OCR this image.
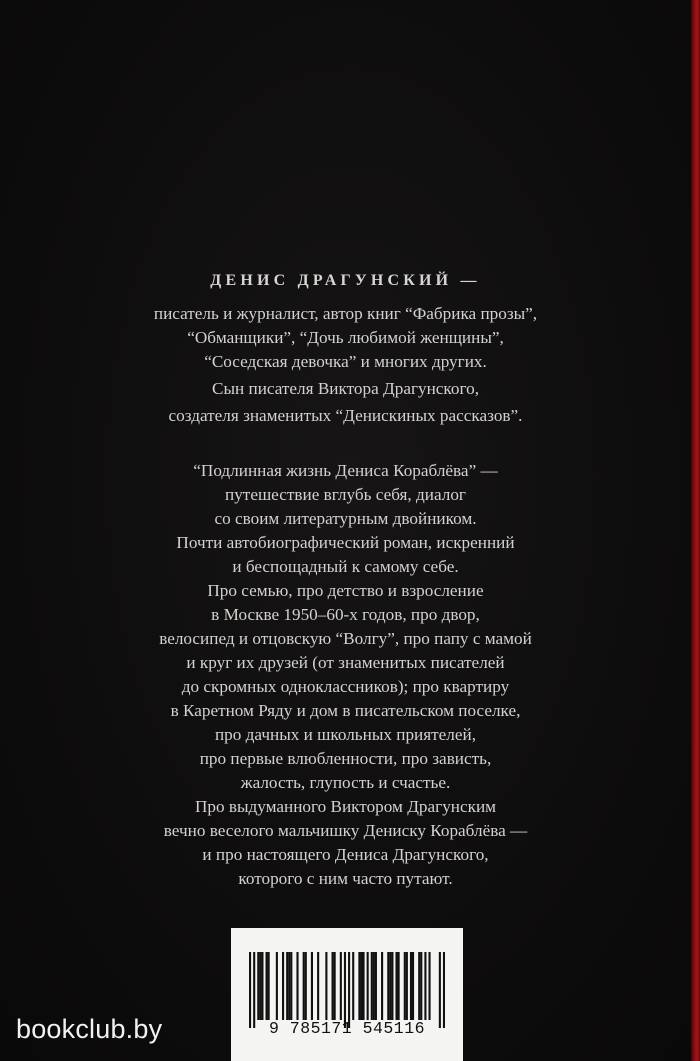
ДЕНИС ДРАГУНСКИЙ —
писатель и журналист, автор книг “Фабрика прозы”,
“Обманщики”, “Дочь любимой женщины”,
“Соседская девочка” и многих других.
Сын писателя Виктора Драгунского,
создателя знаменитых “Денискиных рассказов”.
“Подлинная жизнь Дениса Кораблёва” —
путешествие вглубь себя, диалог
со своим литературным двойником.
Почти автобиографический роман, искренний
и беспощадный к самому себе.
Про семью, про детство и взросление
в Москве 1950–60-х годов, про двор,
велосипед и отцовскую “Волгу”, про папу с мамой
и круг их друзей (от знаменитых писателей
до скромных одноклассников); про квартиру
в Каретном Ряду и дом в писательском поселке,
про дачных и школьных приятелей,
про первые влюбленности, про зависть,
жалость, глупость и счастье.
Про выдуманного Виктором Драгунским
вечно веселого мальчишку Дениску Кораблёва —
и про настоящего Дениса Драгунского,
которого с ним часто путают.
9 785171 545116
bookclub.by
